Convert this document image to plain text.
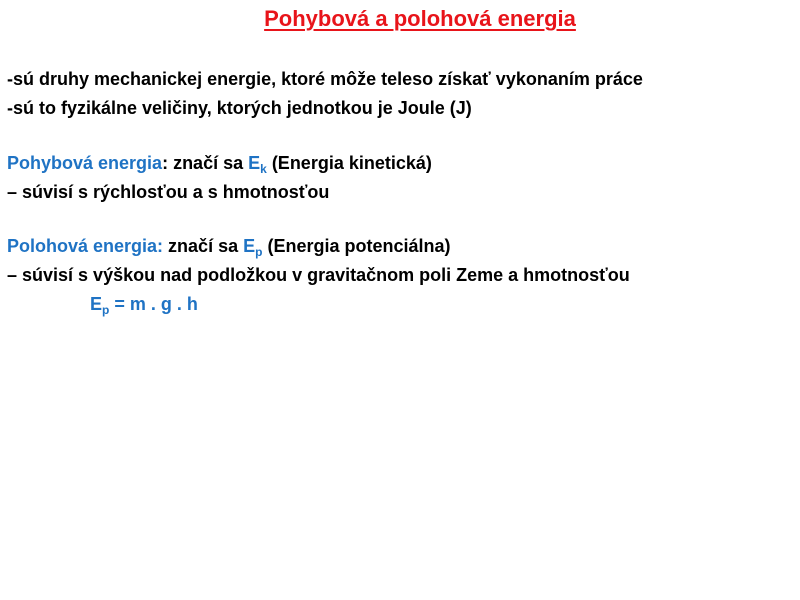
Pohybová a polohová energia
-sú druhy mechanickej energie, ktoré môže teleso získať vykonaním práce
-sú to fyzikálne veličiny, ktorých jednotkou je Joule (J)
Pohybová energia: značí sa $E_k$ (Energia kinetická)
– súvisí s rýchlosťou a s hmotnosťou
Polohová energia: značí sa $E_p$ (Energia potenciálna)
– súvisí s výškou nad podložkou v gravitačnom poli Zeme a hmotnosťou
$E_p = m$ . g . h
